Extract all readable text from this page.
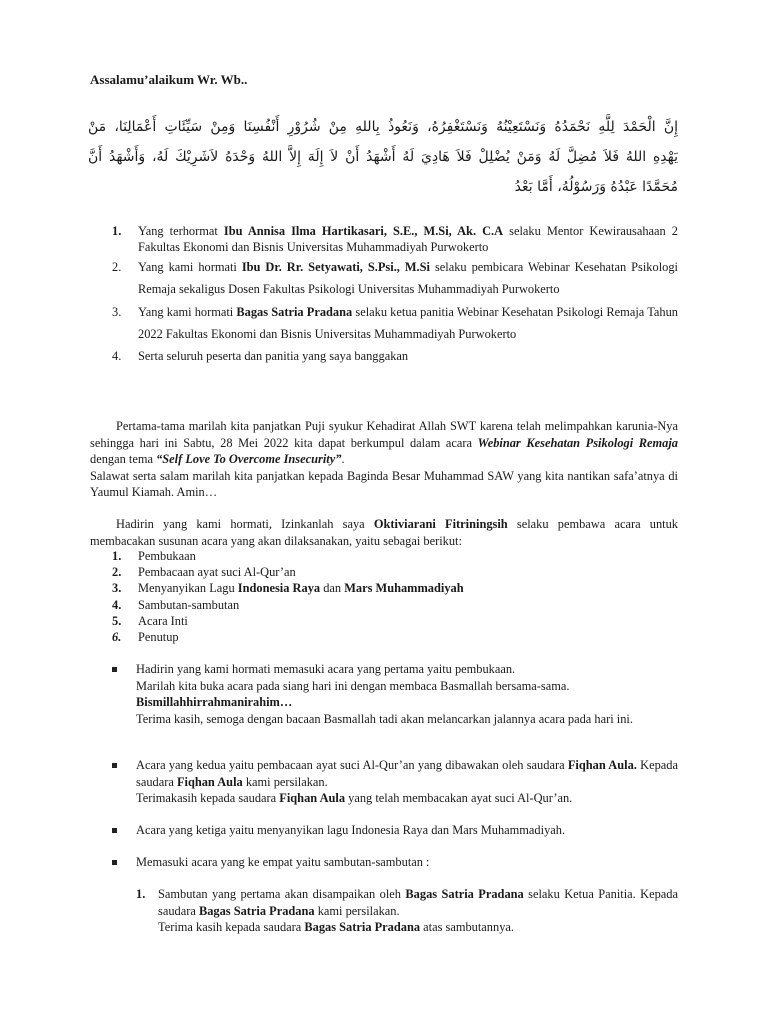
Assalamu’alaikum Wr. Wb..
إِنَّ الْحَمْدَ لِلَّهِ نَحْمَدُهُ وَنَسْتَعِيْنُهُ وَنَسْتَغْفِرُهُ، وَنَعُوذُ بِاللهِ مِنْ شُرُوْرِ أَنْفُسِنَا وَمِنْ سَيِّئَاتِ أَعْمَالِنَا، مَنْ
يَهْدِهِ اللهُ فَلاَ مُضِلَّ لَهُ وَمَنْ يُضْلِلْ فَلاَ هَادِيَ لَهُ أَشْهَدُ أَنْ لاَ إِلَهَ إِلاَّ اللهُ وَحْدَهُ لاَشَرِيْكَ لَهُ، وَأَشْهَدُ أَنَّ
مُحَمَّدًا عَبْدُهُ وَرَسُوْلُهُ، أَمَّا بَعْدُ
1. Yang terhormat Ibu Annisa Ilma Hartikasari, S.E., M.Si, Ak. C.A selaku Mentor Kewirausahaan 2 Fakultas Ekonomi dan Bisnis Universitas Muhammadiyah Purwokerto
2. Yang kami hormati Ibu Dr. Rr. Setyawati, S.Psi., M.Si selaku pembicara Webinar Kesehatan Psikologi Remaja sekaligus Dosen Fakultas Psikologi Universitas Muhammadiyah Purwokerto
3. Yang kami hormati Bagas Satria Pradana selaku ketua panitia Webinar Kesehatan Psikologi Remaja Tahun 2022 Fakultas Ekonomi dan Bisnis Universitas Muhammadiyah Purwokerto
4. Serta seluruh peserta dan panitia yang saya banggakan

Pertama-tama marilah kita panjatkan Puji syukur Kehadirat Allah SWT karena telah melimpahkan karunia-Nya sehingga hari ini Sabtu, 28 Mei 2022 kita dapat berkumpul dalam acara Webinar Kesehatan Psikologi Remaja dengan tema “Self Love To Overcome Insecurity”.
Salawat serta salam marilah kita panjatkan kepada Baginda Besar Muhammad SAW yang kita nantikan safa’atnya di Yaumul Kiamah. Amin…

Hadirin yang kami hormati, Izinkanlah saya Oktiviarani Fitriningsih selaku pembawa acara untuk membacakan susunan acara yang akan dilaksanakan, yaitu sebagai berikut:

1. Pembukaan
2. Pembacaan ayat suci Al-Qur’an
3. Menyanyikan Lagu Indonesia Raya dan Mars Muhammadiyah
4. Sambutan-sambutan
5. Acara Inti
6. Penutup
Hadirin yang kami hormati memasuki acara yang pertama yaitu pembukaan.
Marilah kita buka acara pada siang hari ini dengan membaca Basmallah bersama-sama.
Bismillahhirrahmanirahim…
Terima kasih, semoga dengan bacaan Basmallah tadi akan melancarkan jalannya acara pada hari ini.
Acara yang kedua yaitu pembacaan ayat suci Al-Qur’an yang dibawakan oleh saudara Fiqhan Aula. Kepada saudara Fiqhan Aula kami persilakan.
Terimakasih kepada saudara Fiqhan Aula yang telah membacakan ayat suci Al-Qur’an.
Acara yang ketiga yaitu menyanyikan lagu Indonesia Raya dan Mars Muhammadiyah.
Memasuki acara yang ke empat yaitu sambutan-sambutan :
1. Sambutan yang pertama akan disampaikan oleh Bagas Satria Pradana selaku Ketua Panitia. Kepada saudara Bagas Satria Pradana kami persilakan.
Terima kasih kepada saudara Bagas Satria Pradana atas sambutannya.
